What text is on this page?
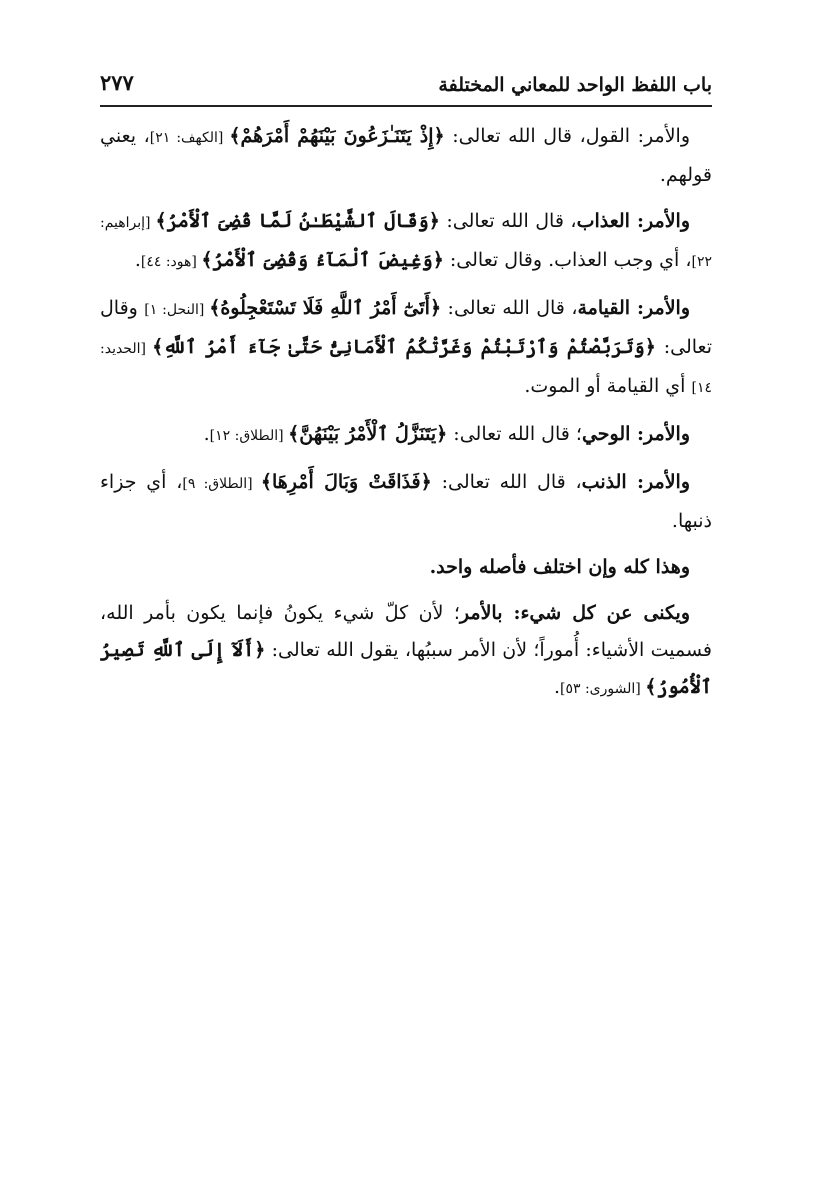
باب اللفظ الواحد للمعاني المختلفة
٢٧٧

والأمر: القول، قال الله تعالى: ﴿إِذْ يَتَنَـٰزَعُونَ بَيْنَهُمْ أَمْرَهُمْ﴾ [الكهف: ٢١]، يعني قولهم.

والأمر: العذاب، قال الله تعالى: ﴿وَقَالَ ٱلشَّيْطَـٰنُ لَمَّا قُضِىَ ٱلْأَمْرُ﴾ [إبراهيم: ٢٢]، أي وجب العذاب. وقال تعالى: ﴿وَغِيضَ ٱلْمَآءُ وَقُضِىَ ٱلْأَمْرُ﴾ [هود: ٤٤].

والأمر: القيامة، قال الله تعالى: ﴿أَتَىٰٓ أَمْرُ ٱللَّهِ فَلَا تَسْتَعْجِلُوهُ﴾ [النحل: ١] وقال تعالى: ﴿وَتَرَبَّصْتُمْ وَٱرْتَبْتُمْ وَغَرَّتْكُمُ ٱلْأَمَانِىُّ حَتَّىٰ جَآءَ أَمْرُ ٱللَّهِ﴾ [الحديد: ١٤] أي القيامة أو الموت.

والأمر: الوحي؛ قال الله تعالى: ﴿يَتَنَزَّلُ ٱلْأَمْرُ بَيْنَهُنَّ﴾ [الطلاق: ١٢].

والأمر: الذنب، قال الله تعالى: ﴿فَذَاقَتْ وَبَالَ أَمْرِهَا﴾ [الطلاق: ٩]، أي جزاء ذنبها.

وهذا كله وإن اختلف فأصله واحد.

ويكنى عن كل شيء: بالأمر؛ لأن كلّ شيء يكونُ فإنما يكون بأمر الله، فسميت الأشياء: أُموراً؛ لأن الأمر سببُها، يقول الله تعالى: ﴿أَلَآ إِلَى ٱللَّهِ تَصِيرُ ٱلْأُمُورُ﴾ [الشورى: ٥٣].
